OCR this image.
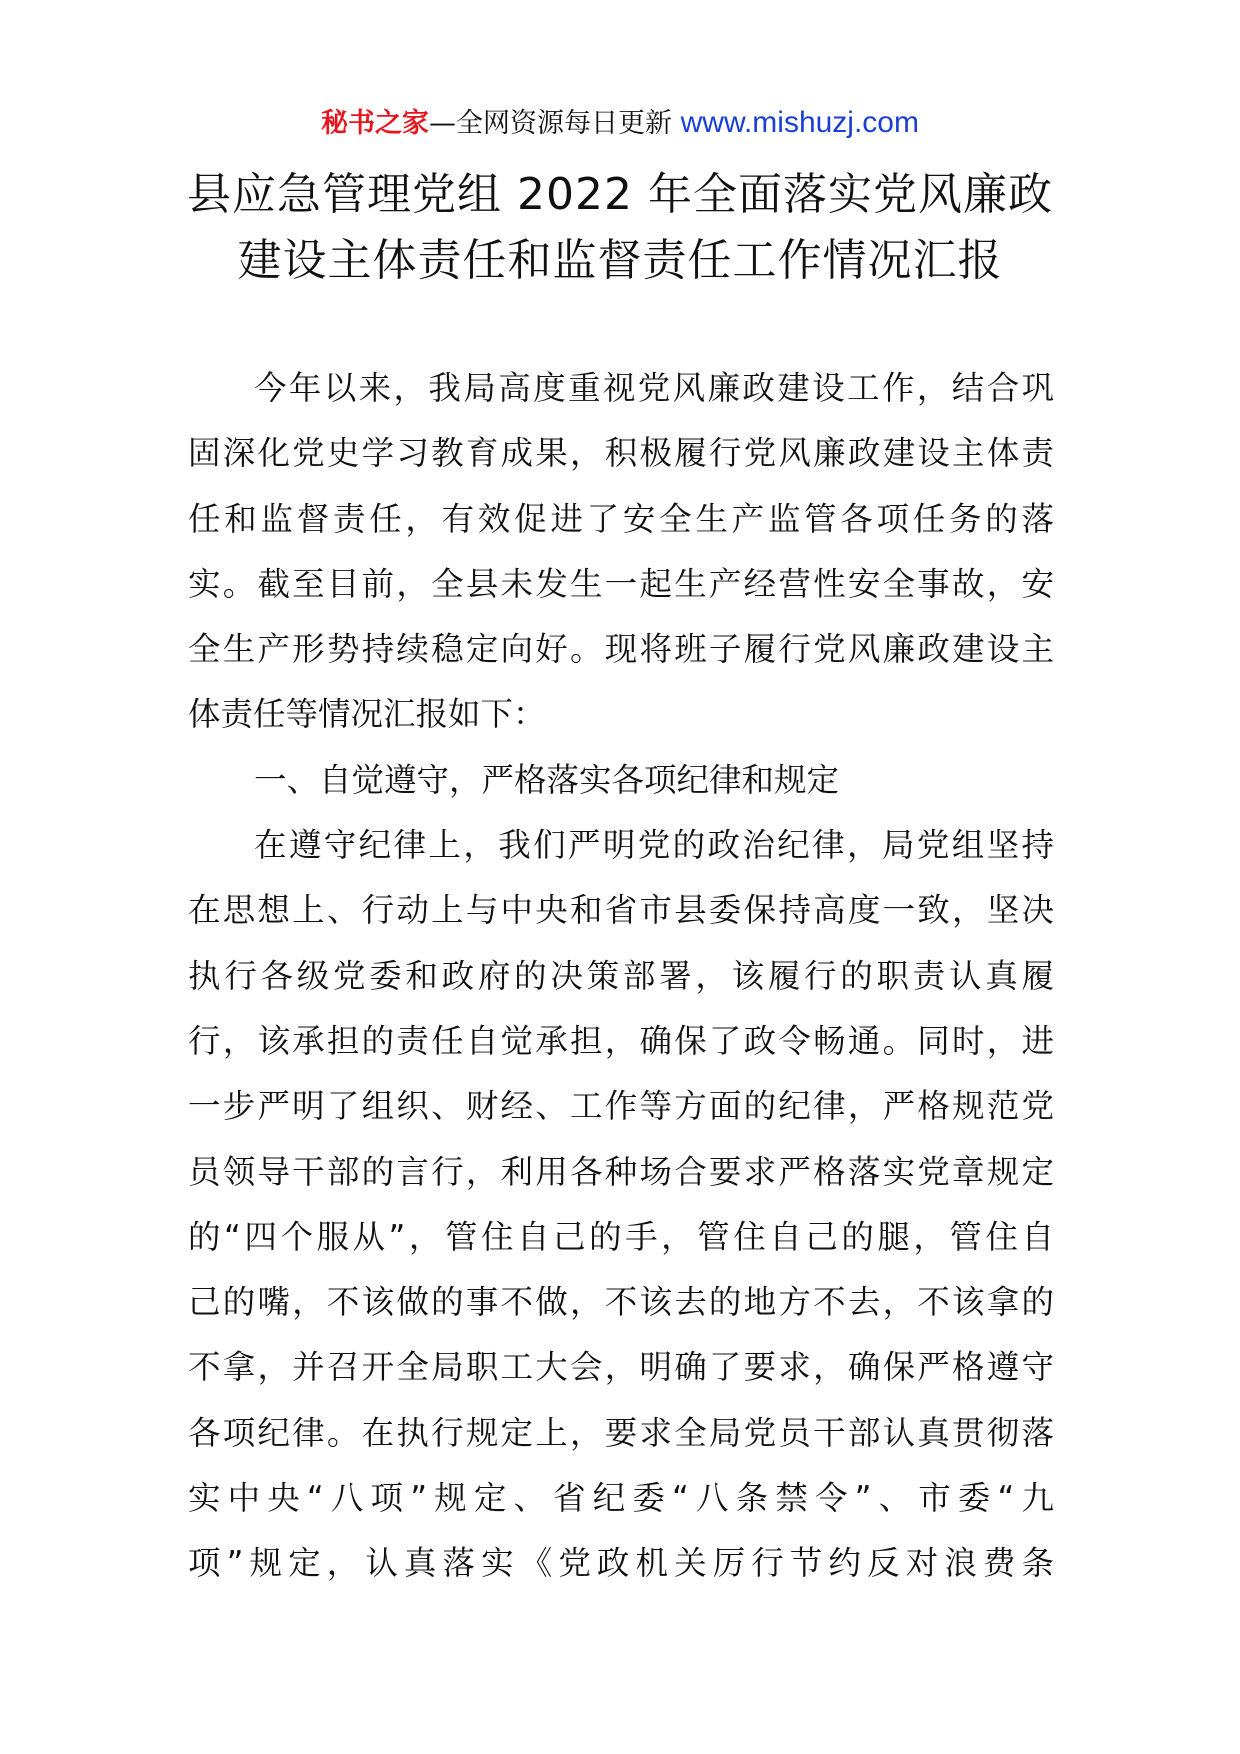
秘书之家—全网资源每日更新 www.mishuzj.com
县应急管理党组 2022 年全面落实党风廉政
建设主体责任和监督责任工作情况汇报
今年以来，我局高度重视党风廉政建设工作，结合巩
固深化党史学习教育成果，积极履行党风廉政建设主体责
任和监督责任，有效促进了安全生产监管各项任务的落
实。截至目前，全县未发生一起生产经营性安全事故，安
全生产形势持续稳定向好。现将班子履行党风廉政建设主
体责任等情况汇报如下：
一、自觉遵守，严格落实各项纪律和规定
在遵守纪律上，我们严明党的政治纪律，局党组坚持
在思想上、行动上与中央和省市县委保持高度一致，坚决
执行各级党委和政府的决策部署，该履行的职责认真履
行，该承担的责任自觉承担，确保了政令畅通。同时，进
一步严明了组织、财经、工作等方面的纪律，严格规范党
员领导干部的言行，利用各种场合要求严格落实党章规定
的“四个服从”，管住自己的手，管住自己的腿，管住自
己的嘴，不该做的事不做，不该去的地方不去，不该拿的
不拿，并召开全局职工大会，明确了要求，确保严格遵守
各项纪律。在执行规定上，要求全局党员干部认真贯彻落
实中央“八项”规定、省纪委“八条禁令”、市委“九
项”规定，认真落实《党政机关厉行节约反对浪费条
